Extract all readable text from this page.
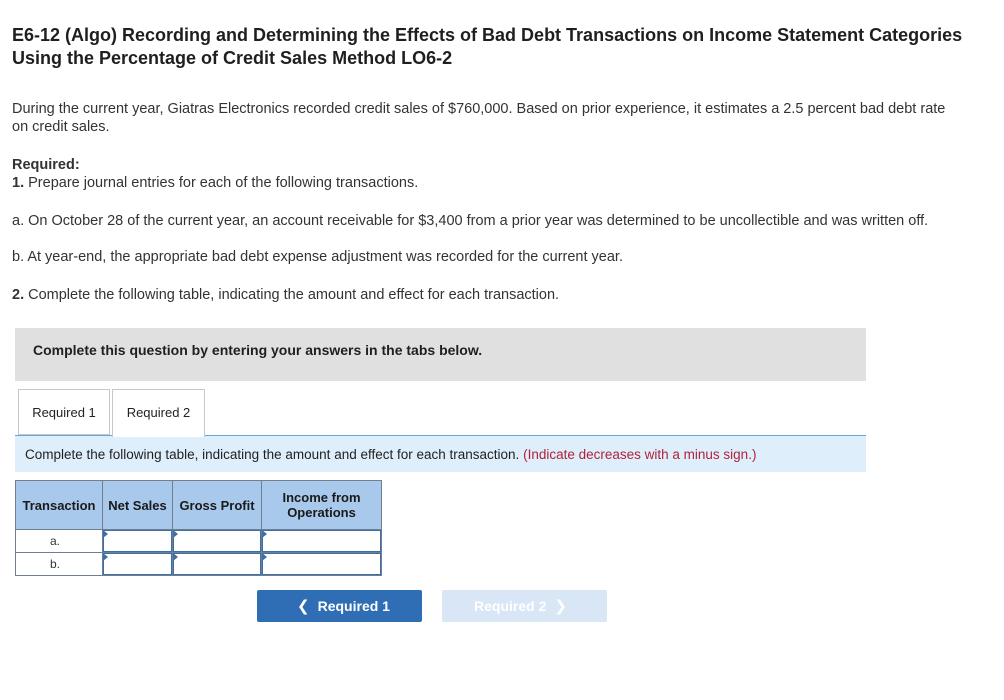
E6-12 (Algo) Recording and Determining the Effects of Bad Debt Transactions on Income Statement Categories Using the Percentage of Credit Sales Method LO6-2

During the current year, Giatras Electronics recorded credit sales of $760,000. Based on prior experience, it estimates a 2.5 percent bad debt rate on credit sales.

Required:

1. Prepare journal entries for each of the following transactions.

a. On October 28 of the current year, an account receivable for $3,400 from a prior year was determined to be uncollectible and was written off.

b. At year-end, the appropriate bad debt expense adjustment was recorded for the current year.

2. Complete the following table, indicating the amount and effect for each transaction.

Complete this question by entering your answers in the tabs below.
Required 1	Required 2
Complete the following table, indicating the amount and effect for each transaction. (Indicate decreases with a minus sign.)
Transaction	Net Sales	Gross Profit	Income from Operations
a.	

b.	

❮ Required 1	Required 2 ❯
